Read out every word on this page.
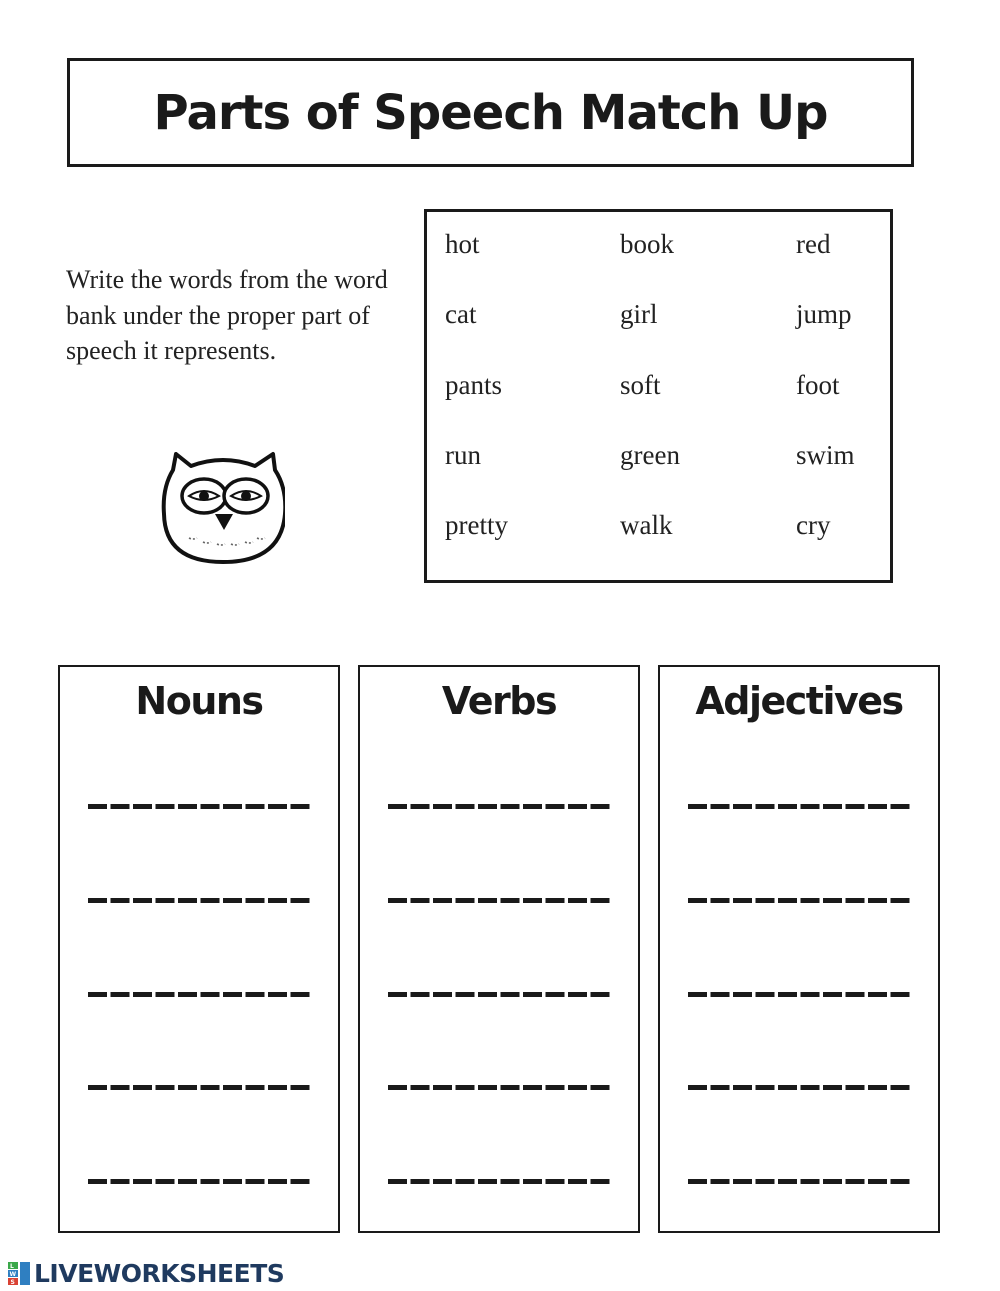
Parts of Speech Match Up
Write the words from the word bank under the proper part of speech it represents.
hot	book	red
cat	girl	jump
pants	soft	foot
run	green	swim
pretty	walk	cry
Nouns	Verbs	Adjectives
L
W
S LIVEWORKSHEETS
